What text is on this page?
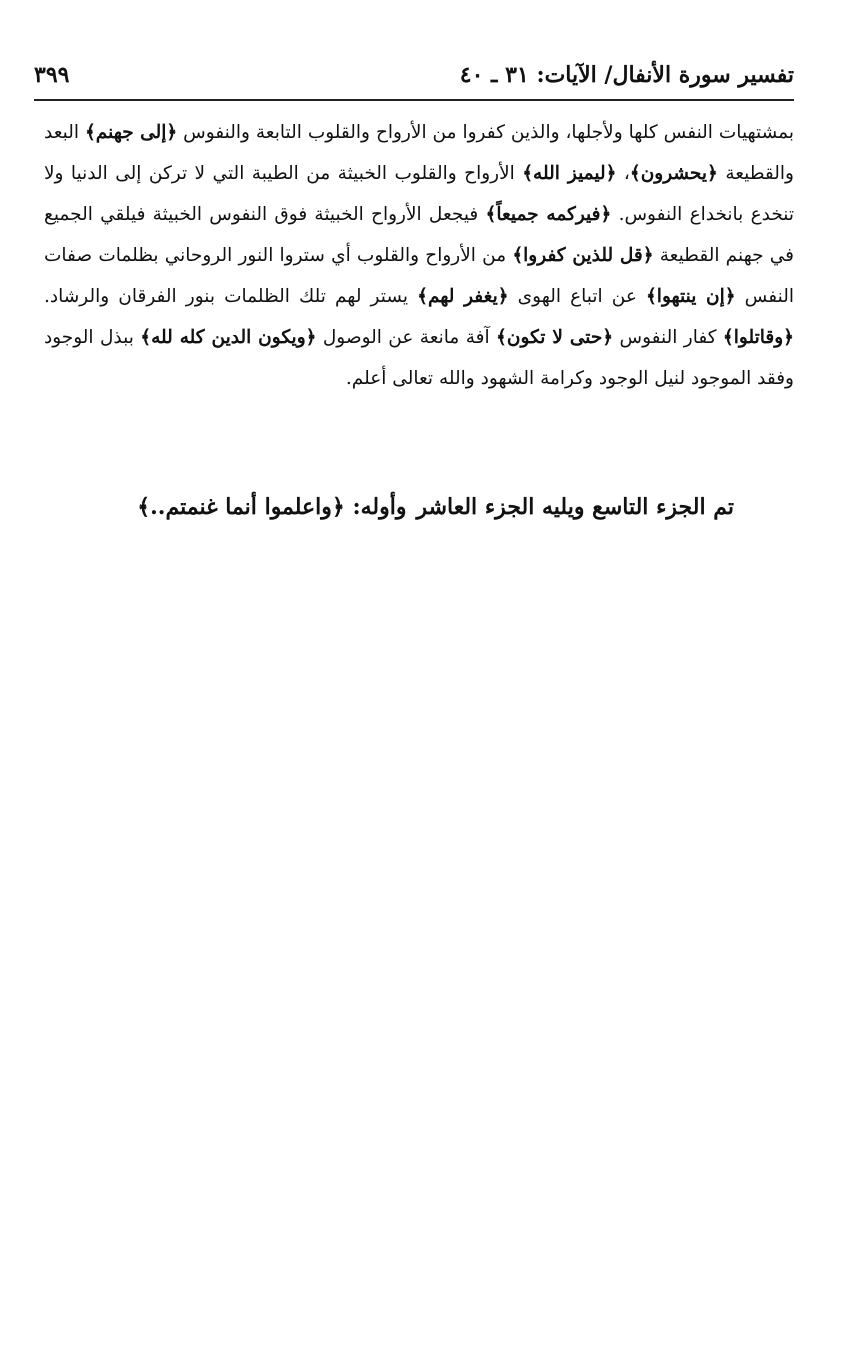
تفسير سورة الأنفال/ الآيات: ٣١ ـ ٤٠
٣٩٩

بمشتهيات النفس كلها ولأجلها، والذين كفروا من الأرواح والقلوب التابعة والنفوس ﴿إلى جهنم﴾ البعد والقطيعة ﴿يحشرون﴾، ﴿ليميز الله﴾ الأرواح والقلوب الخبيثة من الطيبة التي لا تركن إلى الدنيا ولا تنخدع بانخداع النفوس. ﴿فيركمه جميعاً﴾ فيجعل الأرواح الخبيثة فوق النفوس الخبيثة فيلقي الجميع في جهنم القطيعة ﴿قل للذين كفروا﴾ من الأرواح والقلوب أي ستروا النور الروحاني بظلمات صفات النفس ﴿إن ينتهوا﴾ عن اتباع الهوى ﴿يغفر لهم﴾ يستر لهم تلك الظلمات بنور الفرقان والرشاد. ﴿وقاتلوا﴾ كفار النفوس ﴿حتى لا تكون﴾ آفة مانعة عن الوصول ﴿ويكون الدين كله لله﴾ ببذل الوجود وفقد الموجود لنيل الوجود وكرامة الشهود والله تعالى أعلم.

تم الجزء التاسع ويليه الجزء العاشروأوله: ﴿واعلموا أنما غنمتم..﴾
